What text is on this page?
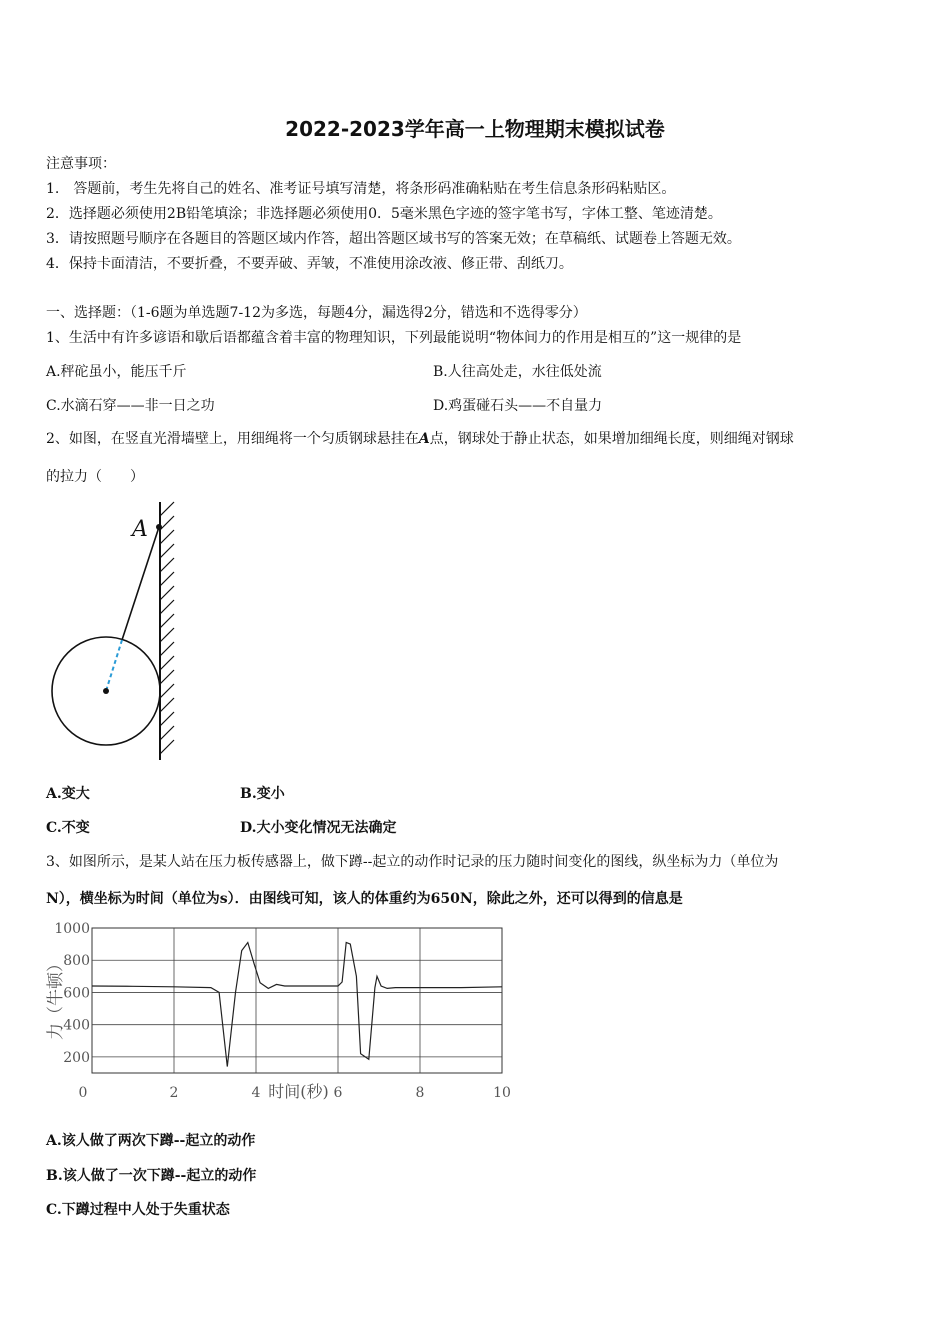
2022-2023学年高一上物理期末模拟试卷
注意事项：
1.　答题前，考生先将自己的姓名、准考证号填写清楚，将条形码准确粘贴在考生信息条形码粘贴区。
2．选择题必须使用2B铅笔填涂；非选择题必须使用0．5毫米黑色字迹的签字笔书写，字体工整、笔迹清楚。
3．请按照题号顺序在各题目的答题区域内作答，超出答题区域书写的答案无效；在草稿纸、试题卷上答题无效。
4．保持卡面清洁，不要折叠，不要弄破、弄皱，不准使用涂改液、修正带、刮纸刀。
一、选择题：（1-6题为单选题7-12为多选，每题4分，漏选得2分，错选和不选得零分）
1、生活中有许多谚语和歇后语都蕴含着丰富的物理知识，下列最能说明“物体间力的作用是相互的”这一规律的是
A.秤砣虽小，能压千斤	B.人往高处走，水往低处流
C.水滴石穿——非一日之功	D.鸡蛋碰石头——不自量力
2、如图，在竖直光滑墙壁上，用细绳将一个匀质钢球悬挂在A点，钢球处于静止状态，如果增加细绳长度，则细绳对钢球
的拉力（　　）
A
A.变大	B.变小
C.不变	D.大小变化情况无法确定
3、如图所示，是某人站在压力板传感器上，做下蹲--起立的动作时记录的压力随时间变化的图线，纵坐标为力（单位为
N），横坐标为时间（单位为s）．由图线可知，该人的体重约为650N，除此之外，还可以得到的信息是
200
400
600
800
1000
0	2	4	6	8	10
力（牛顿）
时间(秒)
A.该人做了两次下蹲--起立的动作
B.该人做了一次下蹲--起立的动作
C.下蹲过程中人处于失重状态
